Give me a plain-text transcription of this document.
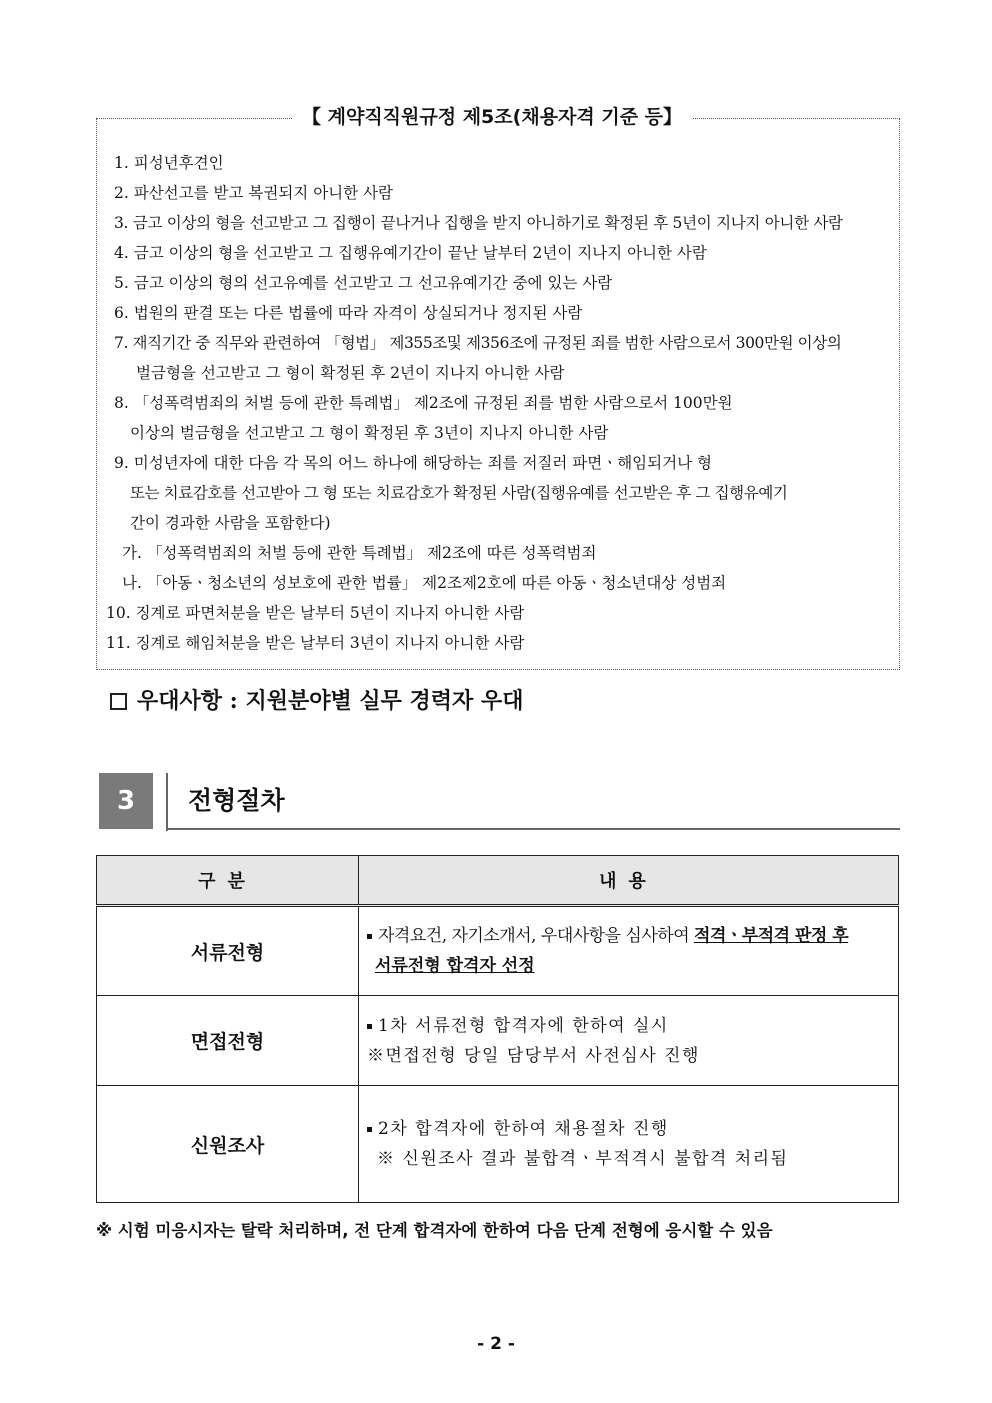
【 계약직직원규정 제5조(채용자격 기준 등】
1. 피성년후견인
2. 파산선고를 받고 복권되지 아니한 사람
3. 금고 이상의 형을 선고받고 그 집행이 끝나거나 집행을 받지 아니하기로 확정된 후 5년이 지나지 아니한 사람
4. 금고 이상의 형을 선고받고 그 집행유예기간이 끝난 날부터 2년이 지나지 아니한 사람
5. 금고 이상의 형의 선고유예를 선고받고 그 선고유예기간 중에 있는 사람
6. 법원의 판결 또는 다른 법률에 따라 자격이 상실되거나 정지된 사람
7. 재직기간 중 직무와 관련하여 「형법」 제355조및 제356조에 규정된 죄를 범한 사람으로서 300만원 이상의
벌금형을 선고받고 그 형이 확정된 후 2년이 지나지 아니한 사람
8. 「성폭력범죄의 처벌 등에 관한 특례법」 제2조에 규정된 죄를 범한 사람으로서 100만원
이상의 벌금형을 선고받고 그 형이 확정된 후 3년이 지나지 아니한 사람
9. 미성년자에 대한 다음 각 목의 어느 하나에 해당하는 죄를 저질러 파면ㆍ해임되거나 형
또는 치료감호를 선고받아 그 형 또는 치료감호가 확정된 사람(집행유예를 선고받은 후 그 집행유예기
간이 경과한 사람을 포함한다)
가. 「성폭력범죄의 처벌 등에 관한 특례법」 제2조에 따른 성폭력범죄
나. 「아동ㆍ청소년의 성보호에 관한 법률」 제2조제2호에 따른 아동ㆍ청소년대상 성범죄
10. 징계로 파면처분을 받은 날부터 5년이 지나지 아니한 사람
11. 징계로 해임처분을 받은 날부터 3년이 지나지 아니한 사람
우대사항 : 지원분야별 실무 경력자 우대
3	전형절차
구분	내용
서류전형	자격요건, 자기소개서, 우대사항을 심사하여 적격ㆍ부적격 판정 후
서류전형 합격자 선정

면접전형	1차 서류전형 합격자에 한하여 실시
※면접전형 당일 담당부서 사전심사 진행

신원조사	2차 합격자에 한하여 채용절차 진행
※ 신원조사 결과 불합격ㆍ부적격시 불합격 처리됨
※ 시험 미응시자는 탈락 처리하며, 전 단계 합격자에 한하여 다음 단계 전형에 응시할 수 있음
- 2 -
